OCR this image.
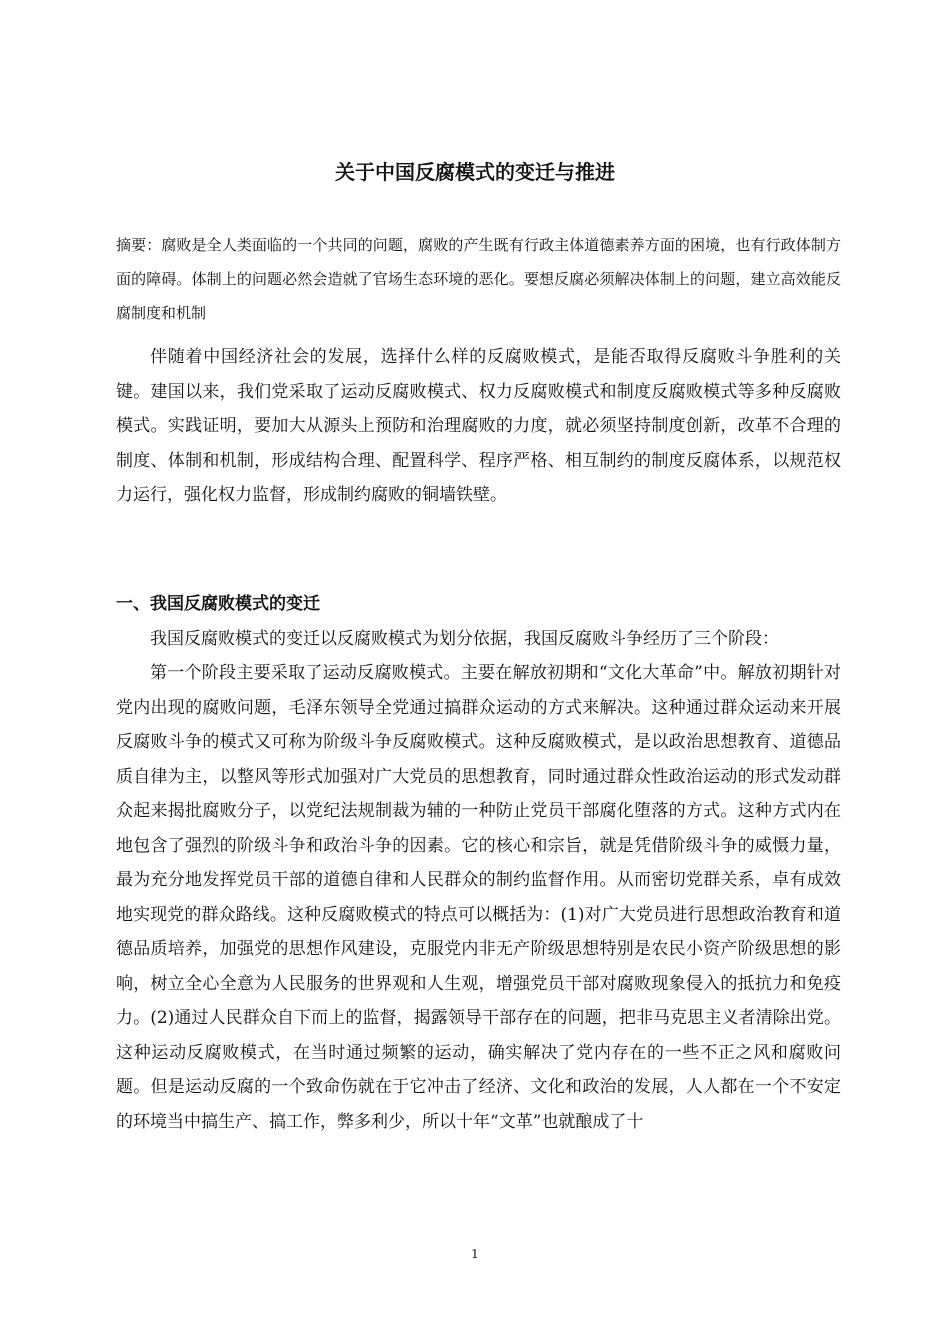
关于中国反腐模式的变迁与推进

摘要：腐败是全人类面临的一个共同的问题，腐败的产生既有行政主体道德素养方面的困境，也有行政体制方面的障碍。体制上的问题必然会造就了官场生态环境的恶化。要想反腐必须解决体制上的问题，建立高效能反腐制度和机制

伴随着中国经济社会的发展，选择什么样的反腐败模式，是能否取得反腐败斗争胜利的关键。建国以来，我们党采取了运动反腐败模式、权力反腐败模式和制度反腐败模式等多种反腐败模式。实践证明，要加大从源头上预防和治理腐败的力度，就必须坚持制度创新，改革不合理的制度、体制和机制，形成结构合理、配置科学、程序严格、相互制约的制度反腐体系，以规范权力运行，强化权力监督，形成制约腐败的铜墙铁壁。

一、我国反腐败模式的变迁

我国反腐败模式的变迁以反腐败模式为划分依据，我国反腐败斗争经历了三个阶段：

第一个阶段主要采取了运动反腐败模式。主要在解放初期和“文化大革命”中。解放初期针对党内出现的腐败问题，毛泽东领导全党通过搞群众运动的方式来解决。这种通过群众运动来开展反腐败斗争的模式又可称为阶级斗争反腐败模式。这种反腐败模式，是以政治思想教育、道德品质自律为主，以整风等形式加强对广大党员的思想教育，同时通过群众性政治运动的形式发动群众起来揭批腐败分子，以党纪法规制裁为辅的一种防止党员干部腐化堕落的方式。这种方式内在地包含了强烈的阶级斗争和政治斗争的因素。它的核心和宗旨，就是凭借阶级斗争的威慑力量，最为充分地发挥党员干部的道德自律和人民群众的制约监督作用。从而密切党群关系，卓有成效地实现党的群众路线。这种反腐败模式的特点可以概括为：(1)对广大党员进行思想政治教育和道德品质培养，加强党的思想作风建设，克服党内非无产阶级思想特别是农民小资产阶级思想的影响，树立全心全意为人民服务的世界观和人生观，增强党员干部对腐败现象侵入的抵抗力和免疫力。(2)通过人民群众自下而上的监督，揭露领导干部存在的问题，把非马克思主义者清除出党。这种运动反腐败模式，在当时通过频繁的运动，确实解决了党内存在的一些不正之风和腐败问题。但是运动反腐的一个致命伤就在于它冲击了经济、文化和政治的发展，人人都在一个不安定的环境当中搞生产、搞工作，弊多利少，所以十年“文革”也就酿成了十

1
